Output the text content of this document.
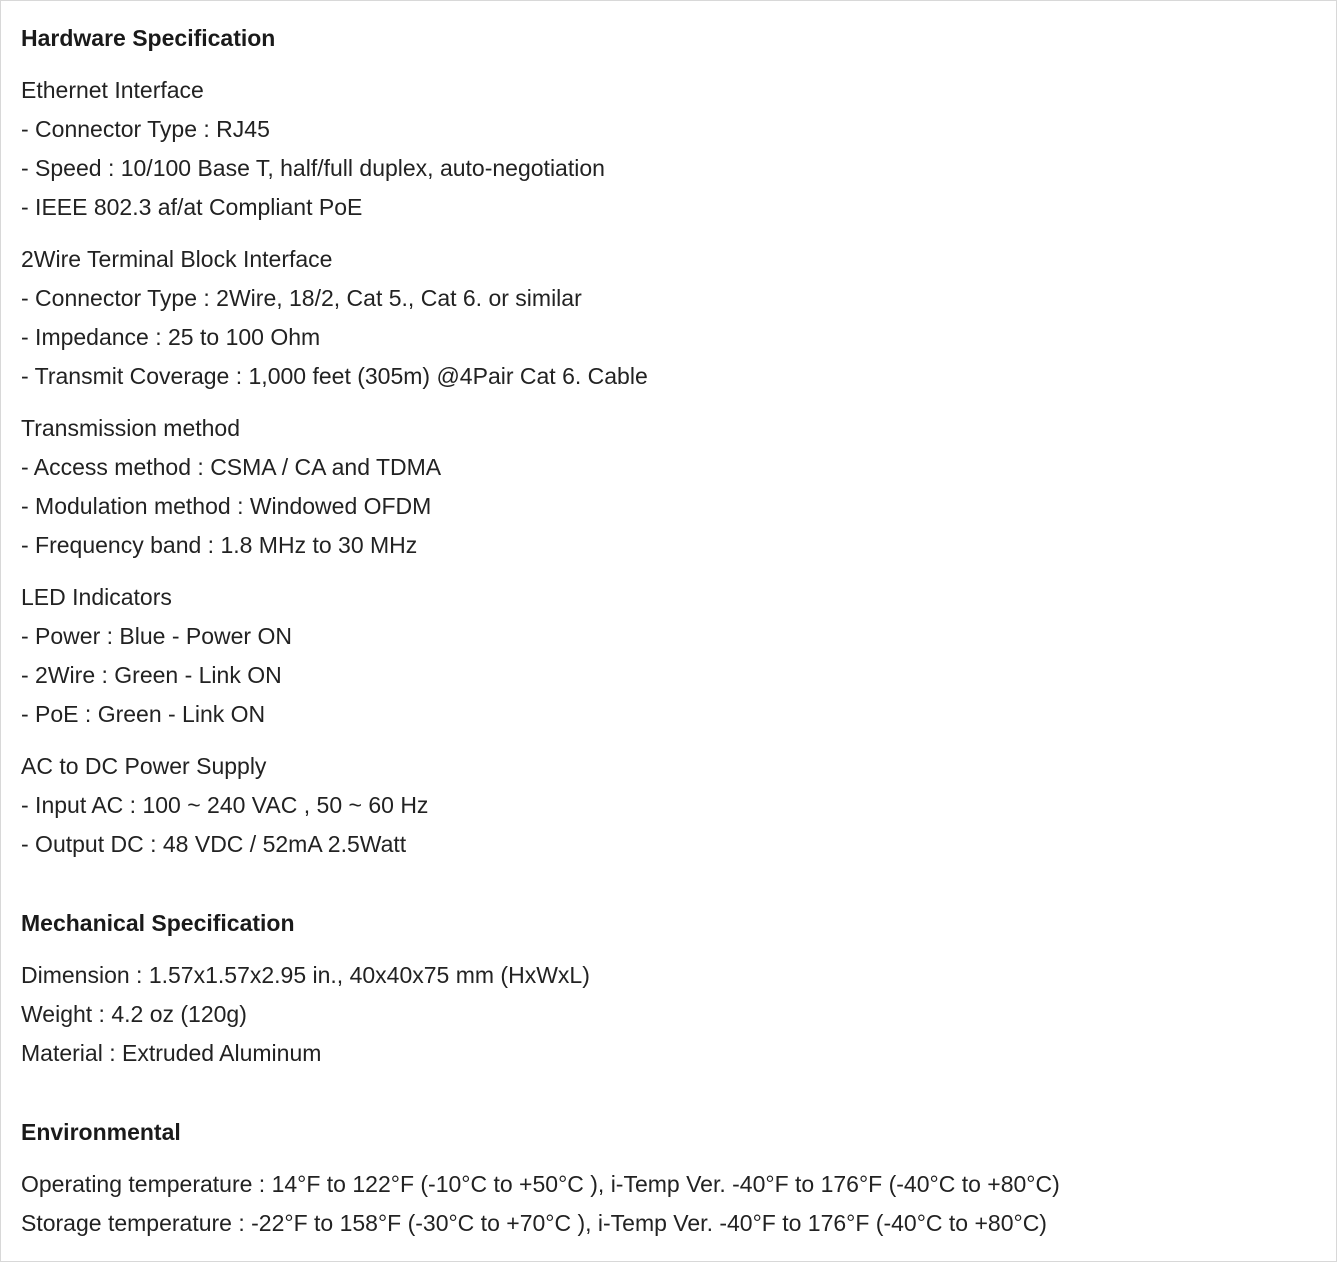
Hardware Specification
Ethernet Interface
- Connector Type : RJ45
- Speed : 10/100 Base T, half/full duplex, auto-negotiation
- IEEE 802.3 af/at Compliant PoE
2Wire Terminal Block Interface
- Connector Type : 2Wire, 18/2, Cat 5., Cat 6. or similar
- Impedance : 25 to 100 Ohm
- Transmit Coverage : 1,000 feet (305m) @4Pair Cat 6. Cable
Transmission method
- Access method : CSMA / CA and TDMA
- Modulation method : Windowed OFDM
- Frequency band : 1.8 MHz to 30 MHz
LED Indicators
- Power : Blue - Power ON
- 2Wire : Green - Link ON
- PoE : Green - Link ON
AC to DC Power Supply
- Input AC : 100 ~ 240 VAC , 50 ~ 60 Hz
- Output DC : 48 VDC / 52mA 2.5Watt
Mechanical Specification
Dimension : 1.57x1.57x2.95 in., 40x40x75 mm (HxWxL)
Weight : 4.2 oz (120g)
Material : Extruded Aluminum
Environmental
Operating temperature : 14°F to 122°F (-10°C to +50°C ), i-Temp Ver. -40°F to 176°F (-40°C to +80°C)
Storage temperature : -22°F to 158°F (-30°C to +70°C ), i-Temp Ver. -40°F to 176°F (-40°C to +80°C)
